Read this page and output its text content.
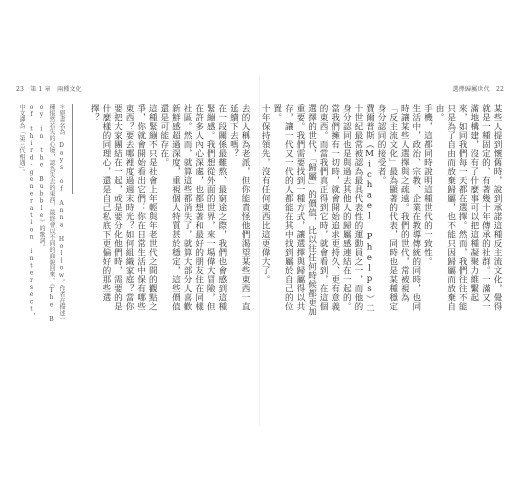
23　第 1 章　兩種文化
去的人稱為老派，但你能責怪他們渴望某些東西一直延續下去嗎？
在一段關係最難熬、最窮途之際，我們也會感到這種緊繃感。我們想從外面的世界，來一場偉大冒險，但在許多人內心深處，也都想著和最好的朋友住在同樣社區。然而，就算這些都消失了，就算大部分人喜歡新鮮感超過深度，重視個人特質甚於穩定，這些價值還是可能存在。
這種緊繃不只是社會上年輕與年老世代之間的觀點之爭，你就會開始看出它們：你在日常生活中保有哪些東西？要去哪裡度過週末時光？如何組織家庭？當你要把大家團結在一起，或是要分化他們時，需要的是什麼樣的同理心，還是自己私底下更偏好的那些選擇？
＊原書名為 Days of Anna Hollow。作者在描述一種悵然若失的心境，認為失去的東西，最終會以不同的面貌回來。《The Boy in the Bubble》的歌詞。
of third-generation intersect，中文譯為「第三代相遇」。
選擇歸屬世代　22
某些人提到懷舊時，說到承諾這種反主流文化，覺得就是一種固定的、有著幾十年傳承的社群。一滿又一滿地構建，沒有了什麼事可以把這種凝聚力維繫起來，如同我們每一天都在選擇。然而，我們往往不能只是為了自由而放棄歸屬，也不能只因歸屬而放棄自由。
手機，這都同時說明這種世代的一致性。
生活中，政治、宗教、企業在教導傳統的同時，也同時讓某些人選擇與之疏遠。我們的世代，常被視為「反主流文化」最為顯著的代表，同時也是某種穩定身分認同的接受者。
費爾普斯（Michael Phelps）二十世紀最常被認為最具代表性的運動員之一，而他的身分認同也是與過去其他人的歸屬感連結在一起的。
當我們擁有一切時，就會開始追求更持久、更有意義的東西。而當我們真正得到它時，就會看到，在這個選擇的世代，「歸屬」的價值，比以往任何時候都更加重要。我們需要找到一種方式，讓選擇與歸屬得以共存，讓一代又一代的人都能在其中找到屬於自己的位置。
十年保持領先，沒有任何東西比這更偉大了。
